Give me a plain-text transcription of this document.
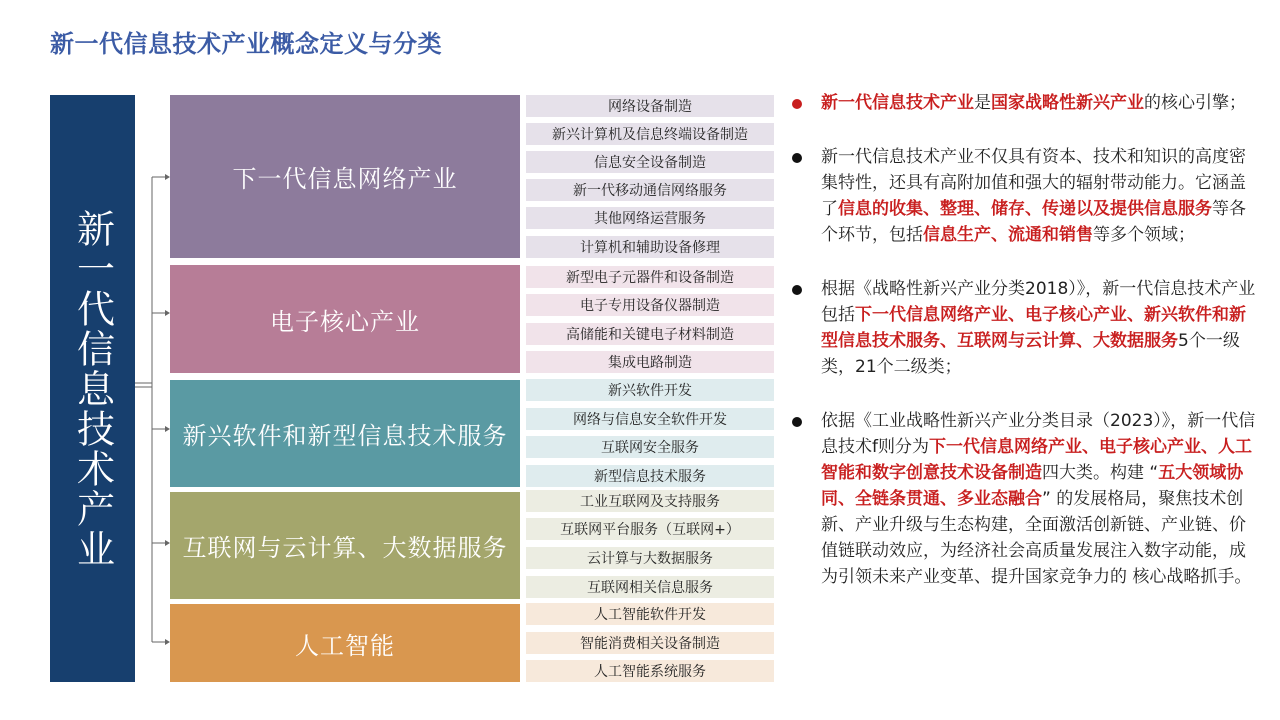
新一代信息技术产业概念定义与分类
新一代信息技术产业
下一代信息网络产业
电子核心产业
新兴软件和新型信息技术服务
互联网与云计算、大数据服务
人工智能
网络设备制造
新兴计算机及信息终端设备制造
信息安全设备制造
新一代移动通信网络服务
其他网络运营服务
计算机和辅助设备修理
新型电子元器件和设备制造
电子专用设备仪器制造
高储能和关键电子材料制造
集成电路制造
新兴软件开发
网络与信息安全软件开发
互联网安全服务
新型信息技术服务
工业互联网及支持服务
互联网平台服务（互联网+）
云计算与大数据服务
互联网相关信息服务
人工智能软件开发
智能消费相关设备制造
人工智能系统服务
新一代信息技术产业是国家战略性新兴产业的核心引擎；
新一代信息技术产业不仅具有资本、技术和知识的高度密集特性，还具有高附加值和强大的辐射带动能力。它涵盖了信息的收集、整理、储存、传递以及提供信息服务等各个环节，包括信息生产、流通和销售等多个领域；
根据《战略性新兴产业分类2018）》，新一代信息技术产业包括下一代信息网络产业、电子核心产业、新兴软件和新型信息技术服务、互联网与云计算、大数据服务5个一级类，21个二级类；
依据《工业战略性新兴产业分类目录（2023）》，新一代信息技术f则分为下一代信息网络产业、电子核心产业、人工智能和数字创意技术设备制造四大类。构建 “五大领域协同、全链条贯通、多业态融合” 的发展格局，聚焦技术创新、产业升级与生态构建，全面激活创新链、产业链、价值链联动效应，为经济社会高质量发展注入数字动能，成为引领未来产业变革、提升国家竞争力的 核心战略抓手。
